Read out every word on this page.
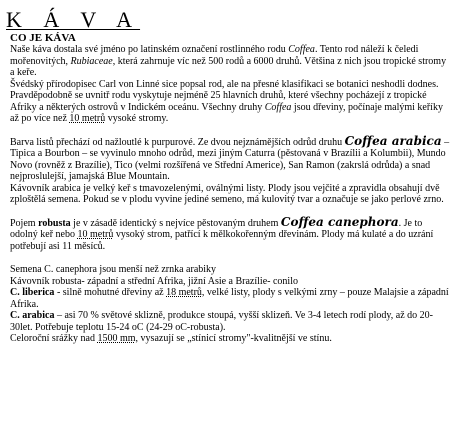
K Á V A
CO JE KÁVA

Naše káva dostala své jméno po latinském označení rostlinného rodu Coffea. Tento rod náleží k čeledi mořenovitých, Rubiaceae, která zahrnuje víc než 500 rodů a 6000 druhů. Většina z nich jsou tropické stromy a keře.

Švédský přírodopisec Carl von Linné sice popsal rod, ale na přesné klasifikaci se botanici neshodli dodnes. Pravděpodobně se uvnitř rodu vyskytuje nejméně 25 hlavních druhů, které všechny pocházejí z tropické Afriky a některých ostrovů v Indickém oceánu. Všechny druhy Coffea jsou dřeviny, počínaje malými keříky až po více než 10 metrů vysoké stromy.

Barva listů přechází od nažloutlé k purpurové. Ze dvou nejznámějších odrůd druhu Coffea arabica –Tipica a Bourbon – se vyvinulo mnoho odrůd, mezi jiným Caturra (pěstovaná v Brazílii a Kolumbii), Mundo Novo (rovněž z Brazílie), Tico (velmi rozšířená ve Střední Americe), San Ramon (zakrslá odrůda) a snad nejproslulejší, jamajská Blue Mountain.
Kávovník arabica je velký keř s tmavozelenými, oválnými listy. Plody jsou vejčité a zpravidla obsahují dvě zploštělá semena. Pokud se v plodu vyvine jediné semeno, má kulovitý tvar a označuje se jako perlové zrno.

Pojem robusta je v zásadě identický s nejvíce pěstovaným druhem Coffea canephora. Je to odolný keř nebo 10 metrů vysoký strom, patřící k mělkokořenným dřevinám. Plody má kulaté a do uzrání potřebují asi 11 měsíců.

Semena C. canephora jsou menší než zrnka arabiky
Kávovník robusta- západní a střední Afrika, jižní Asie a Brazílie- conilo
C. liberica - silně mohutné dřeviny až 18 metrů, velké listy, plody s velkými zrny – pouze Malajsie a západní Afrika.
C. arabica – asi 70 % světové sklizně, produkce stoupá, vyšší sklizeň. Ve 3-4 letech rodí plody, až do 20-30let. Potřebuje teplotu 15-24 oC (24-29 oC-robusta).
Celoroční srážky nad 1500 mm, vysazují se „stínicí stromy"-kvalitnější ve stínu.
